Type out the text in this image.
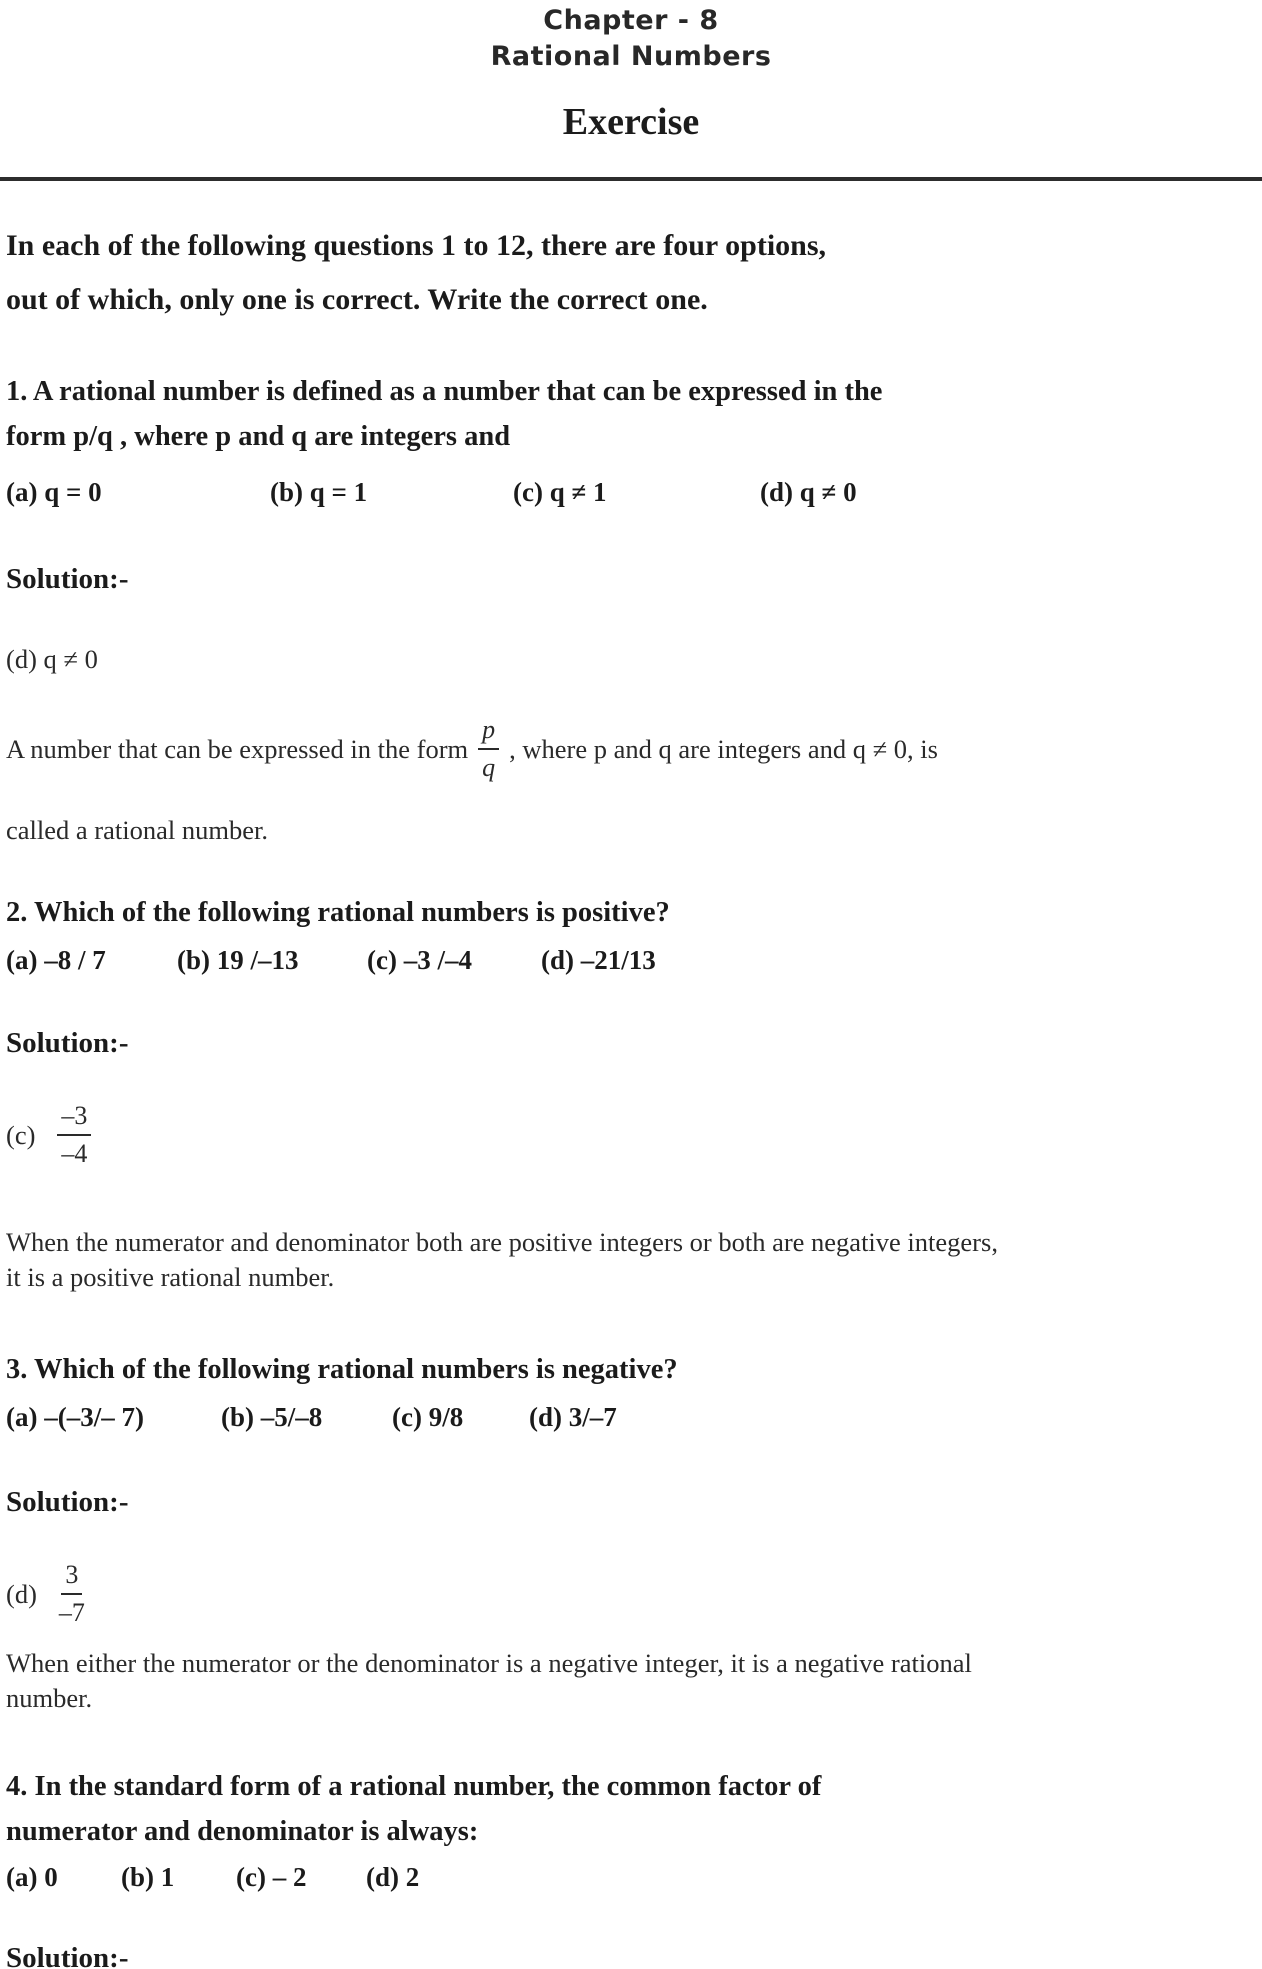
Chapter - 8
Rational Numbers
Exercise

In each of the following questions 1 to 12, there are four options,
out of which, only one is correct. Write the correct one.

1. A rational number is defined as a number that can be expressed in the
form p/q , where p and q are integers and

(a) q = 0	(b) q = 1	(c) q ≠ 1	(d) q ≠ 0

Solution:-

(d) q ≠ 0

A number that can be expressed in the form $\frac{p}{q}$ , where p and q are integers and q ≠ 0, is

called a rational number.

2. Which of the following rational numbers is positive?

(a) –8 / 7	(b) 19 /–13	(c) –3 /–4	(d) –21/13

Solution:-

$(c) \frac{-3}{-4}$

When the numerator and denominator both are positive integers or both are negative integers,
it is a positive rational number.

3. Which of the following rational numbers is negative?

(a) –(–3/– 7)	(b) –5/–8	(c) 9/8 (d) 3/–7

Solution:-

$(d) \frac{3}{-7}$

When either the numerator or the denominator is a negative integer, it is a negative rational
number.

4. In the standard form of a rational number, the common factor of
numerator and denominator is always:

(a) 0 (b) 1 (c) – 2 (d) 2

Solution:-
